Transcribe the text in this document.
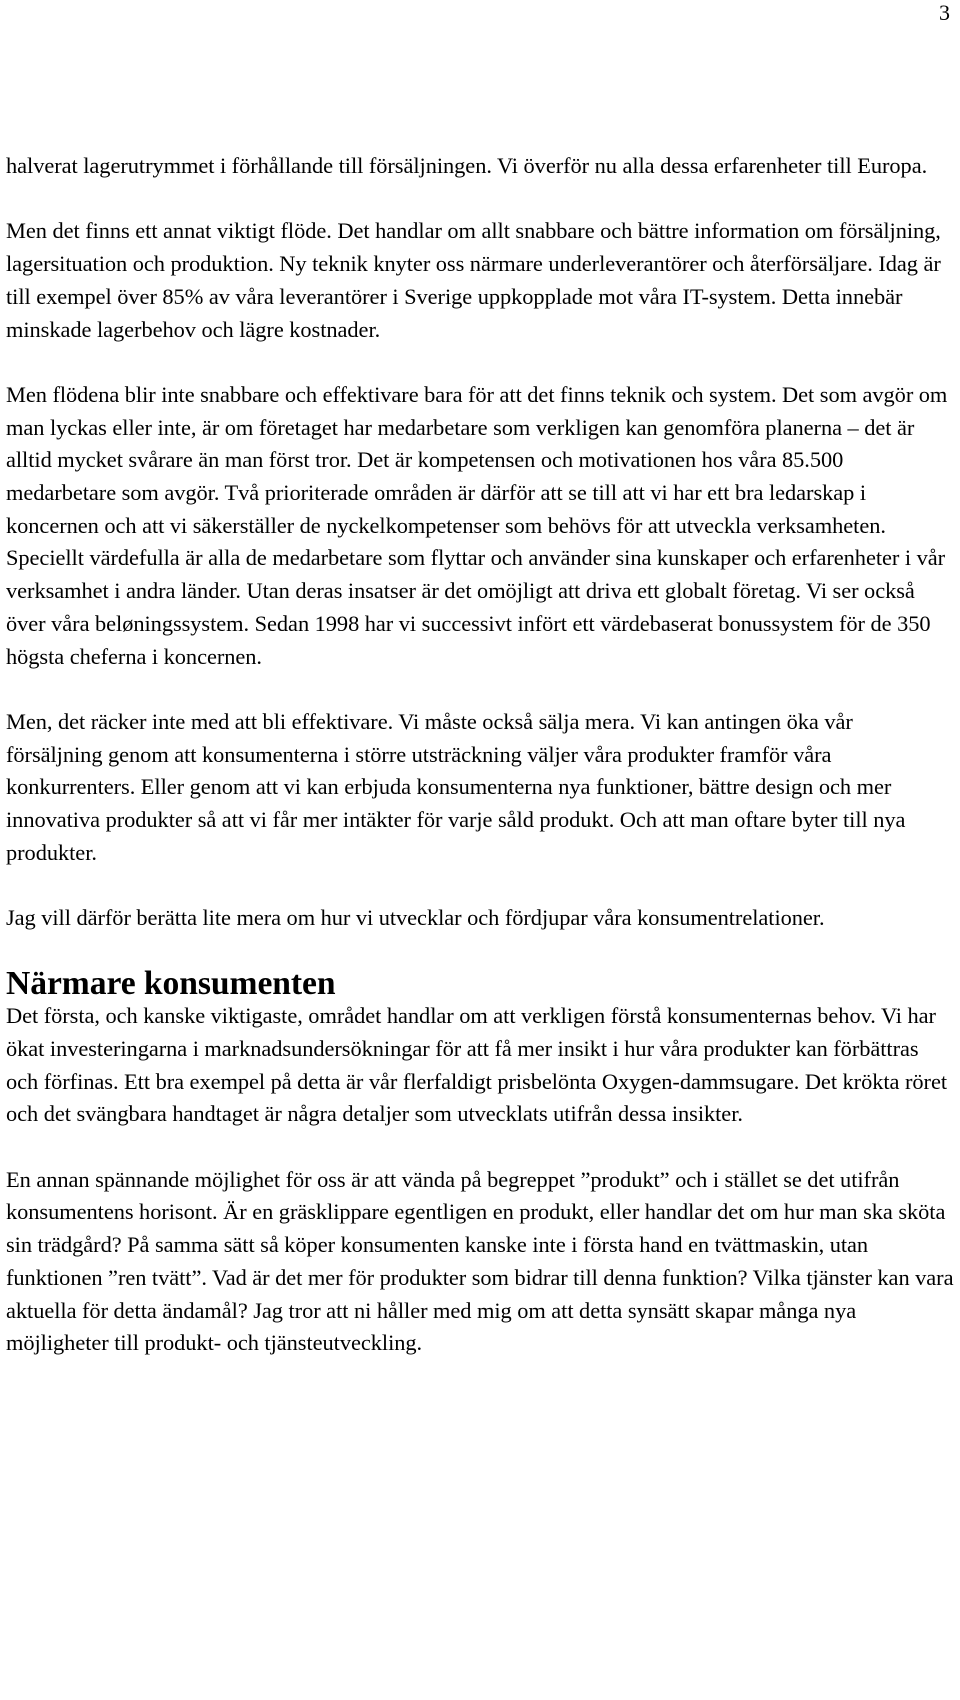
3

halverat lagerutrymmet i förhållande till försäljningen. Vi överför nu alla dessa erfarenheter till Europa.

Men det finns ett annat viktigt flöde. Det handlar om allt snabbare och bättre information om försäljning, lagersituation och produktion. Ny teknik knyter oss närmare underleverantörer och återförsäljare. Idag är till exempel över 85% av våra leverantörer i Sverige uppkopplade mot våra IT-system. Detta innebär minskade lagerbehov och lägre kostnader.

Men flödena blir inte snabbare och effektivare bara för att det finns teknik och system. Det som avgör om man lyckas eller inte, är om företaget har medarbetare som verkligen kan genomföra planerna – det är alltid mycket svårare än man först tror. Det är kompetensen och motivationen hos våra 85.500 medarbetare som avgör. Två prioriterade områden är därför att se till att vi har ett bra ledarskap i koncernen och att vi säkerställer de nyckelkompetenser som behövs för att utveckla verksamheten. Speciellt värdefulla är alla de medarbetare som flyttar och använder sina kunskaper och erfarenheter i vår verksamhet i andra länder. Utan deras insatser är det omöjligt att driva ett globalt företag. Vi ser också över våra beløningssystem. Sedan 1998 har vi successivt infört ett värdebaserat bonussystem för de 350 högsta cheferna i koncernen.

Men, det räcker inte med att bli effektivare. Vi måste också sälja mera. Vi kan antingen öka vår försäljning genom att konsumenterna i större utsträckning väljer våra produkter framför våra konkurrenters. Eller genom att vi kan erbjuda konsumenterna nya funktioner, bättre design och mer innovativa produkter så att vi får mer intäkter för varje såld produkt. Och att man oftare byter till nya produkter.

Jag vill därför berätta lite mera om hur vi utvecklar och fördjupar våra konsumentrelationer.

Närmare konsumenten

Det första, och kanske viktigaste, området handlar om att verkligen förstå konsumenternas behov. Vi har ökat investeringarna i marknadsundersökningar för att få mer insikt i hur våra produkter kan förbättras och förfinas. Ett bra exempel på detta är vår flerfaldigt prisbelönta Oxygen-dammsugare. Det krökta röret och det svängbara handtaget är några detaljer som utvecklats utifrån dessa insikter.

En annan spännande möjlighet för oss är att vända på begreppet ”produkt” och i stället se det utifrån konsumentens horisont. Är en gräsklippare egentligen en produkt, eller handlar det om hur man ska sköta sin trädgård? På samma sätt så köper konsumenten kanske inte i första hand en tvättmaskin, utan funktionen ”ren tvätt”. Vad är det mer för produkter som bidrar till denna funktion? Vilka tjänster kan vara aktuella för detta ändamål? Jag tror att ni håller med mig om att detta synsätt skapar många nya möjligheter till produkt- och tjänsteutveckling.
